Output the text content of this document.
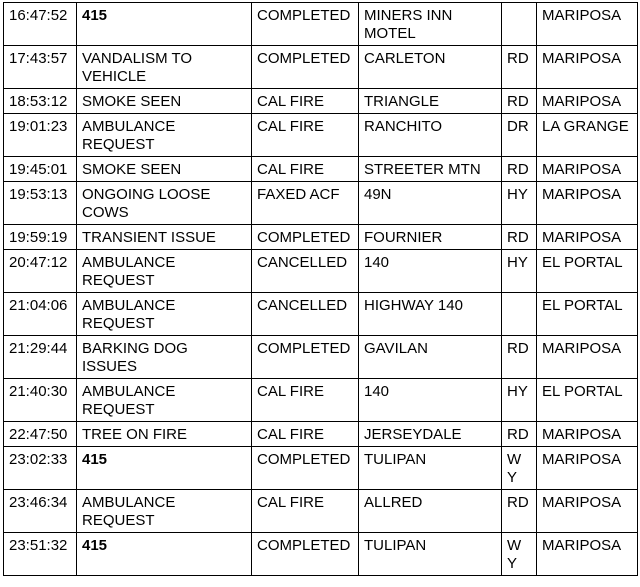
16:47:52	415	COMPLETED	MINERS INN MOTEL		MARIPOSA
17:43:57	VANDALISM TO VEHICLE	COMPLETED	CARLETON	RD	MARIPOSA
18:53:12	SMOKE SEEN	CAL FIRE	TRIANGLE	RD	MARIPOSA
19:01:23	AMBULANCE REQUEST	CAL FIRE	RANCHITO	DR	LA GRANGE
19:45:01	SMOKE SEEN	CAL FIRE	STREETER MTN	RD	MARIPOSA
19:53:13	ONGOING LOOSE COWS	FAXED ACF	49N	HY	MARIPOSA
19:59:19	TRANSIENT ISSUE	COMPLETED	FOURNIER	RD	MARIPOSA
20:47:12	AMBULANCE REQUEST	CANCELLED	140	HY	EL PORTAL
21:04:06	AMBULANCE REQUEST	CANCELLED	HIGHWAY 140		EL PORTAL
21:29:44	BARKING DOG ISSUES	COMPLETED	GAVILAN	RD	MARIPOSA
21:40:30	AMBULANCE REQUEST	CAL FIRE	140	HY	EL PORTAL
22:47:50	TREE ON FIRE	CAL FIRE	JERSEYDALE	RD	MARIPOSA
23:02:33	415	COMPLETED	TULIPAN	WY	MARIPOSA
23:46:34	AMBULANCE REQUEST	CAL FIRE	ALLRED	RD	MARIPOSA
23:51:32	415	COMPLETED	TULIPAN	WY	MARIPOSA
